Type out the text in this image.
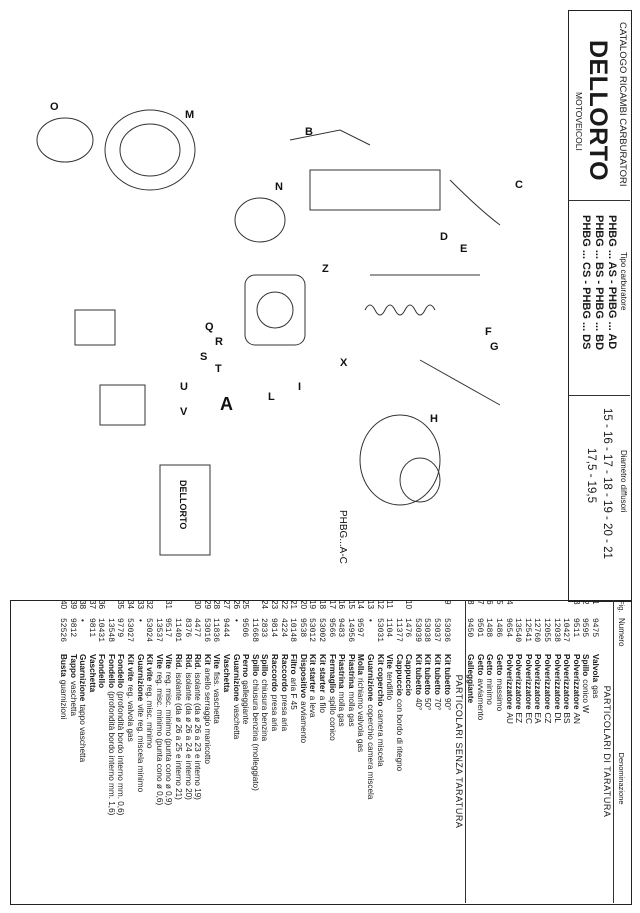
CATALOGO RICAMBI CARBURATORI
DELLORTO
MOTOVEICOLI
Tipo carburatore
PHBG ... AS - PHBG ... AD
PHBG ... BS - PHBG ... BD
PHBG ... CS - PHBG ... DS
Diametro diffusori
15 - 16 - 17 - 18 - 19 - 20 - 21
17,5 - 19,5
M
O
N
B
C
D
E
F
G
H
Z
X
I
L
Q
R
S
T
U
V A
PHBG...A-C
DELLORTO
Fig.
Numero
Denominazione
PARTICOLARI DI TARATURA
1
9475
Valvolagas
2
9595
Spilloconico W
3
9511
PolverizzatoreAN
10427
PolverizzatoreBS
12038
PolverizzatoreDL
12055
PolverizzatoreCZ
12760
PolverizzatoreEA
12541
PolverizzatoreEC
13540
PolverizzatoreEZ
4
9654
PolverizzatoreAU
5
1486
Gettomassimo
6
1488
Gettominimo
7
9501
Gettoavviamento
8
9450
Galleggiante
PARTICOLARI SENZA TARATURA
9
53036
Kit tubetto90°
53037
Kit tubetto70°
53038
Kit tubetto50°
53039
Kit tubetto40°
10
1476
Cappuccio
11377
Cappucciocon bordo di ritegno
11
1104
Vitetendifilo
12
53031
Kit coperchiocamera miscela
13
•
Guarnizionecoperchio camera miscela
14
9597
Mollarichiamo valvola gas
15
14956
Piastrinamolla gas
16
9483
Piastrinamolla gas
17
9566
Fermagliospillo conico
18
53002
Kit startera filo
19
53012
Kit startera leva
20
9538
Dispositivoavviamento
21
10148
Filtroaria F 45
22
4224
Raccordopresa aria
23
9814
Raccordopresa aria
24
2833
Spillochiusura benzina
11668
Spillochiusura benzina (molleggiato)
25
9506
Pernogalleggiante
26
•
Guarnizionevaschetta
27
9444
Vaschetta
28
11836
Vitefiss. vaschetta
29
53016
Kitanello serraggio manicotto
30
4477
Rid.isolante (da ø 26 a 23 e interno 19)
8376
Rid.isolante (da ø 26 a 24 e interno 20)
11401
Rid.isolante (da ø 26 a 25 e interno 21)
31
9517
Vitereg. misc. minimo (punta cono ø 0,9)
13537
Vitereg. misc. minimo (punta cono ø 0,6)
32
53024
Kit vitereg. misc. minimo
33
•
Guarnizionevite reg. miscela minimo
34
53027
Kit vitereg. valvola gas
35
9779
Fondello(profondità bordo interno mm. 0,6)
13548
Fondello(profondità bordo interno mm. 1,6)
36
10431
Fondello
37
9811
Vaschetta
38
•
Guarnizionetappo vaschetta
39
9812
Tappovaschetta
40
52526
Bustaguarnizioni
